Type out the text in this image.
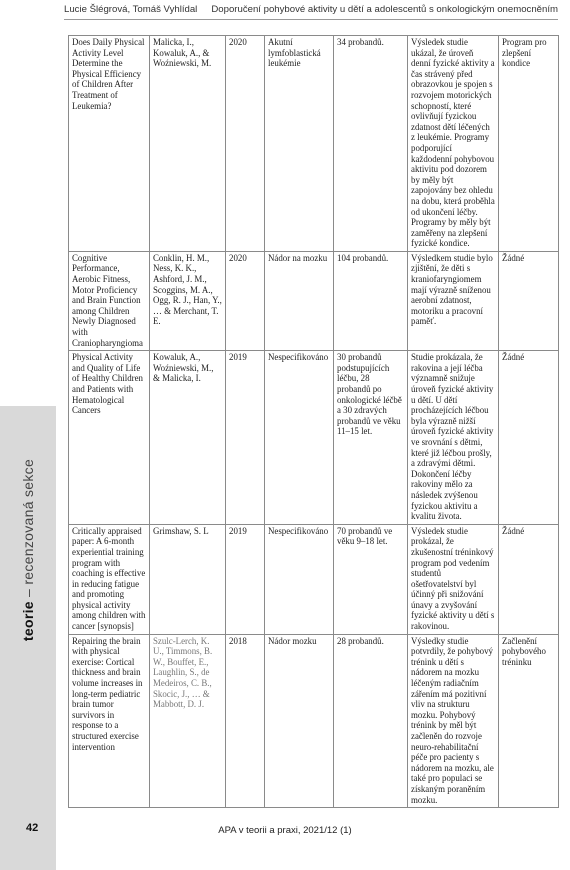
Lucie Šlégrová, Tomáš Vyhlídal Doporučení pohybové aktivity u dětí a adolescentů s onkologickým onemocněním
teorie – recenzovaná sekce
Does Daily Physical Activity Level Determine the Physical Efficiency of Children After Treatment of Leukemia?	Malicka, I., Kowaluk, A., & Woźniewski, M.	2020	Akutní lymfoblastická leukémie	34 probandů.	Výsledek studie ukázal, že úroveň denní fyzické aktivity a čas strávený před obrazovkou je spojen s rozvojem motorických schopností, které ovlivňují fyzickou zdatnost dětí léčených z leukémie. Programy podporující každodenní pohybovou aktivitu pod dozorem by měly být zapojovány bez ohledu na dobu, která proběhla od ukončení léčby. Programy by měly být zaměřeny na zlepšení fyzické kondice.	Program pro zlepšení kondice
Cognitive Performance, Aerobic Fitness, Motor Proficiency and Brain Function among Children Newly Diagnosed with Craniopharyngioma	Conklin, H. M., Ness, K. K., Ashford, J. M., Scoggins, M. A., Ogg, R. J., Han, Y., … & Merchant, T. E.	2020	Nádor na mozku	104 probandů.	Výsledkem studie bylo zjištění, že děti s kraniofaryngiomem mají výrazně sníženou aerobní zdatnost, motoriku a pracovní paměť.	Žádné
Physical Activity and Quality of Life of Healthy Children and Patients with Hematological Cancers	Kowaluk, A., Woźniewski, M., & Malicka, I.	2019	Nespecifikováno	30 probandů podstupujících léčbu, 28 probandů po onkologické léčbě a 30 zdravých probandů ve věku 11–15 let.	Studie prokázala, že rakovina a její léčba významně snižuje úroveň fyzické aktivity u dětí. U dětí procházejících léčbou byla výrazně nižší úroveň fyzické aktivity ve srovnání s dětmi, které již léčbou prošly, a zdravými dětmi. Dokončení léčby rakoviny mělo za následek zvýšenou fyzickou aktivitu a kvalitu života.	Žádné
Critically appraised paper: A 6-month experiential training program with coaching is effective in reducing fatigue and promoting physical activity among children with cancer [synopsis]	Grimshaw, S. L	2019	Nespecifikováno	70 probandů ve věku 9–18 let.	Výsledek studie prokázal, že zkušenostní tréninkový program pod vedením studentů ošetřovatelství byl účinný při snižování únavy a zvyšování fyzické aktivity u dětí s rakovinou.	Žádné
Repairing the brain with physical exercise: Cortical thickness and brain volume increases in long-term pediatric brain tumor survivors in response to a structured exercise intervention	Szulc-Lerch, K. U., Timmons, B. W., Bouffet, E., Laughlin, S., de Medeiros, C. B., Skocic, J., … & Mabbott, D. J.	2018	Nádor mozku	28 probandů.	Výsledky studie potvrdily, že pohybový trénink u dětí s nádorem na mozku léčeným radiačním zářením má pozitivní vliv na strukturu mozku. Pohybový trénink by měl být začleněn do rozvoje neuro-rehabilitační péče pro pacienty s nádorem na mozku, ale také pro populaci se získaným poraněním mozku.	Začlenění pohybového tréninku
42	APA v teorii a praxi, 2021/12 (1)
